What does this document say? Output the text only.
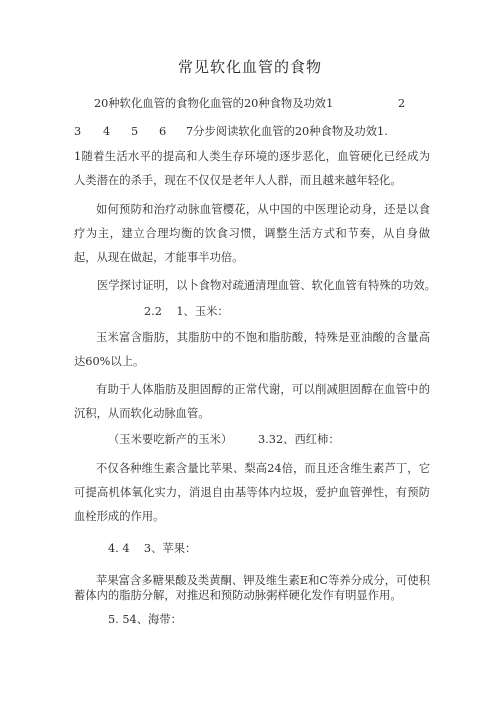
常见软化血管的食物
20种软化血管的食物化血管的20种食物及功效1	2
3 4 5 6 7分步阅读软化血管的20种食物及功效1.
1随着生活水平的提高和人类生存环境的逐步恶化，血管硬化已经成为人类潜在的杀手，现在不仅仅是老年人人群，而且越来越年轻化。
如何预防和治疗动脉血管樱花，从中国的中医理论动身，还是以食疗为主，建立合理均衡的饮食习惯，调整生活方式和节奏，从自身做起，从现在做起，才能事半功倍。
医学探讨证明，以卜食物对疏通清理血管、软化血管有特殊的功效。
2.2    1、玉米：
玉米富含脂肪，其脂肪中的不饱和脂肪酸，特殊是亚油酸的含量高达60%以上。
有助于人体脂肪及胆固醇的正常代谢，可以削减胆固醇在血管中的沉积，从而软化动脉血管。
（玉米要吃新产的玉米） 3.32、西红柿：
不仅各种维生素含量比苹果、梨高24倍，而且还含维生素芦丁，它可提高机体氧化实力，消退自由基等体内垃圾，爱护血管弹性，有预防血栓形成的作用。
4. 4    3、苹果：
苹果富含多糖果酸及类黄酮、钾及维生素E和C等养分成分，可使积蓄体内的脂肪分解，对推迟和预防动脉粥样硬化发作有明显作用。
5. 54、海带：
